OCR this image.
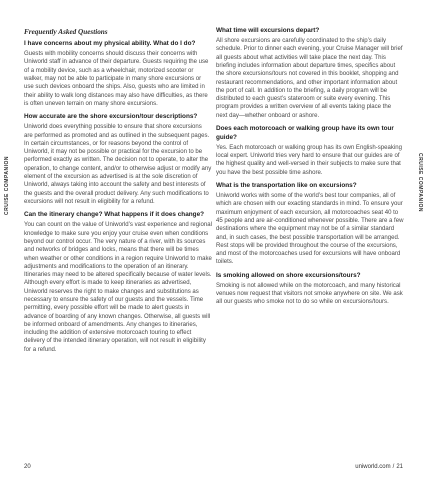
CRUISE COMPANION	CRUISE COMPANION
Frequently Asked Questions

I have concerns about my physical ability. What do I do?

Guests with mobility concerns should discuss their concerns with Uniworld staff in advance of their departure. Guests requiring the use of a mobility device, such as a wheelchair, motorized scooter or walker, may not be able to participate in many shore excursions or use such devices onboard the ships. Also, guests who are limited in their ability to walk long distances may also have difficulties, as there is often uneven terrain on many shore excursions.

How accurate are the shore excursion/tour descriptions?

Uniworld does everything possible to ensure that shore excursions are performed as promoted and as outlined in the subsequent pages. In certain circumstances, or for reasons beyond the control of Uniworld, it may not be possible or practical for the excursion to be performed exactly as written. The decision not to operate, to alter the operation, to change content, and/or to otherwise adjust or modify any element of the excursion as advertised is at the sole discretion of Uniworld, always taking into account the safety and best interests of the guests and the overall product delivery. Any such modifications to excursions will not result in eligibility for a refund.

Can the itinerary change? What happens if it does change?

You can count on the value of Uniworld’s vast experience and regional knowledge to make sure you enjoy your cruise even when conditions beyond our control occur. The very nature of a river, with its sources and networks of bridges and locks, means that there will be times when weather or other conditions in a region require Uniworld to make adjustments and modifications to the operation of an itinerary. Itineraries may need to be altered specifically because of water levels. Although every effort is made to keep itineraries as advertised, Uniworld reserves the right to make changes and substitutions as necessary to ensure the safety of our guests and the vessels. Time permitting, every possible effort will be made to alert guests in advance of boarding of any known changes. Otherwise, all guests will be informed onboard of amendments. Any changes to itineraries, including the addition of extensive motorcoach touring to effect delivery of the intended itinerary operation, will not result in eligibility for a refund.

What time will excursions depart?

All shore excursions are carefully coordinated to the ship’s daily schedule. Prior to dinner each evening, your Cruise Manager will brief all guests about what activities will take place the next day. This briefing includes information about departure times, specifics about the shore excursions/tours not covered in this booklet, shopping and restaurant recommendations, and other important information about the port of call. In addition to the briefing, a daily program will be distributed to each guest’s stateroom or suite every evening. This program provides a written overview of all events taking place the next day—whether onboard or ashore.

Does each motorcoach or walking group have its own tour guide?

Yes. Each motorcoach or walking group has its own English-speaking local expert. Uniworld tries very hard to ensure that our guides are of the highest quality and well-versed in their subjects to make sure that you have the best possible time ashore.

What is the transportation like on excursions?

Uniworld works with some of the world’s best tour companies, all of which are chosen with our exacting standards in mind. To ensure your maximum enjoyment of each excursion, all motorcoaches seat 40 to 45 people and are air-conditioned whenever possible. There are a few destinations where the equipment may not be of a similar standard and, in such cases, the best possible transportation will be arranged. Rest stops will be provided throughout the course of the excursions, and most of the motorcoaches used for excursions will have onboard toilets.

Is smoking allowed on shore excursions/tours?

Smoking is not allowed while on the motorcoach, and many historical venues now request that visitors not smoke anywhere on site. We ask all our guests who smoke not to do so while on excursions/tours.

20	uniworld.com / 21
